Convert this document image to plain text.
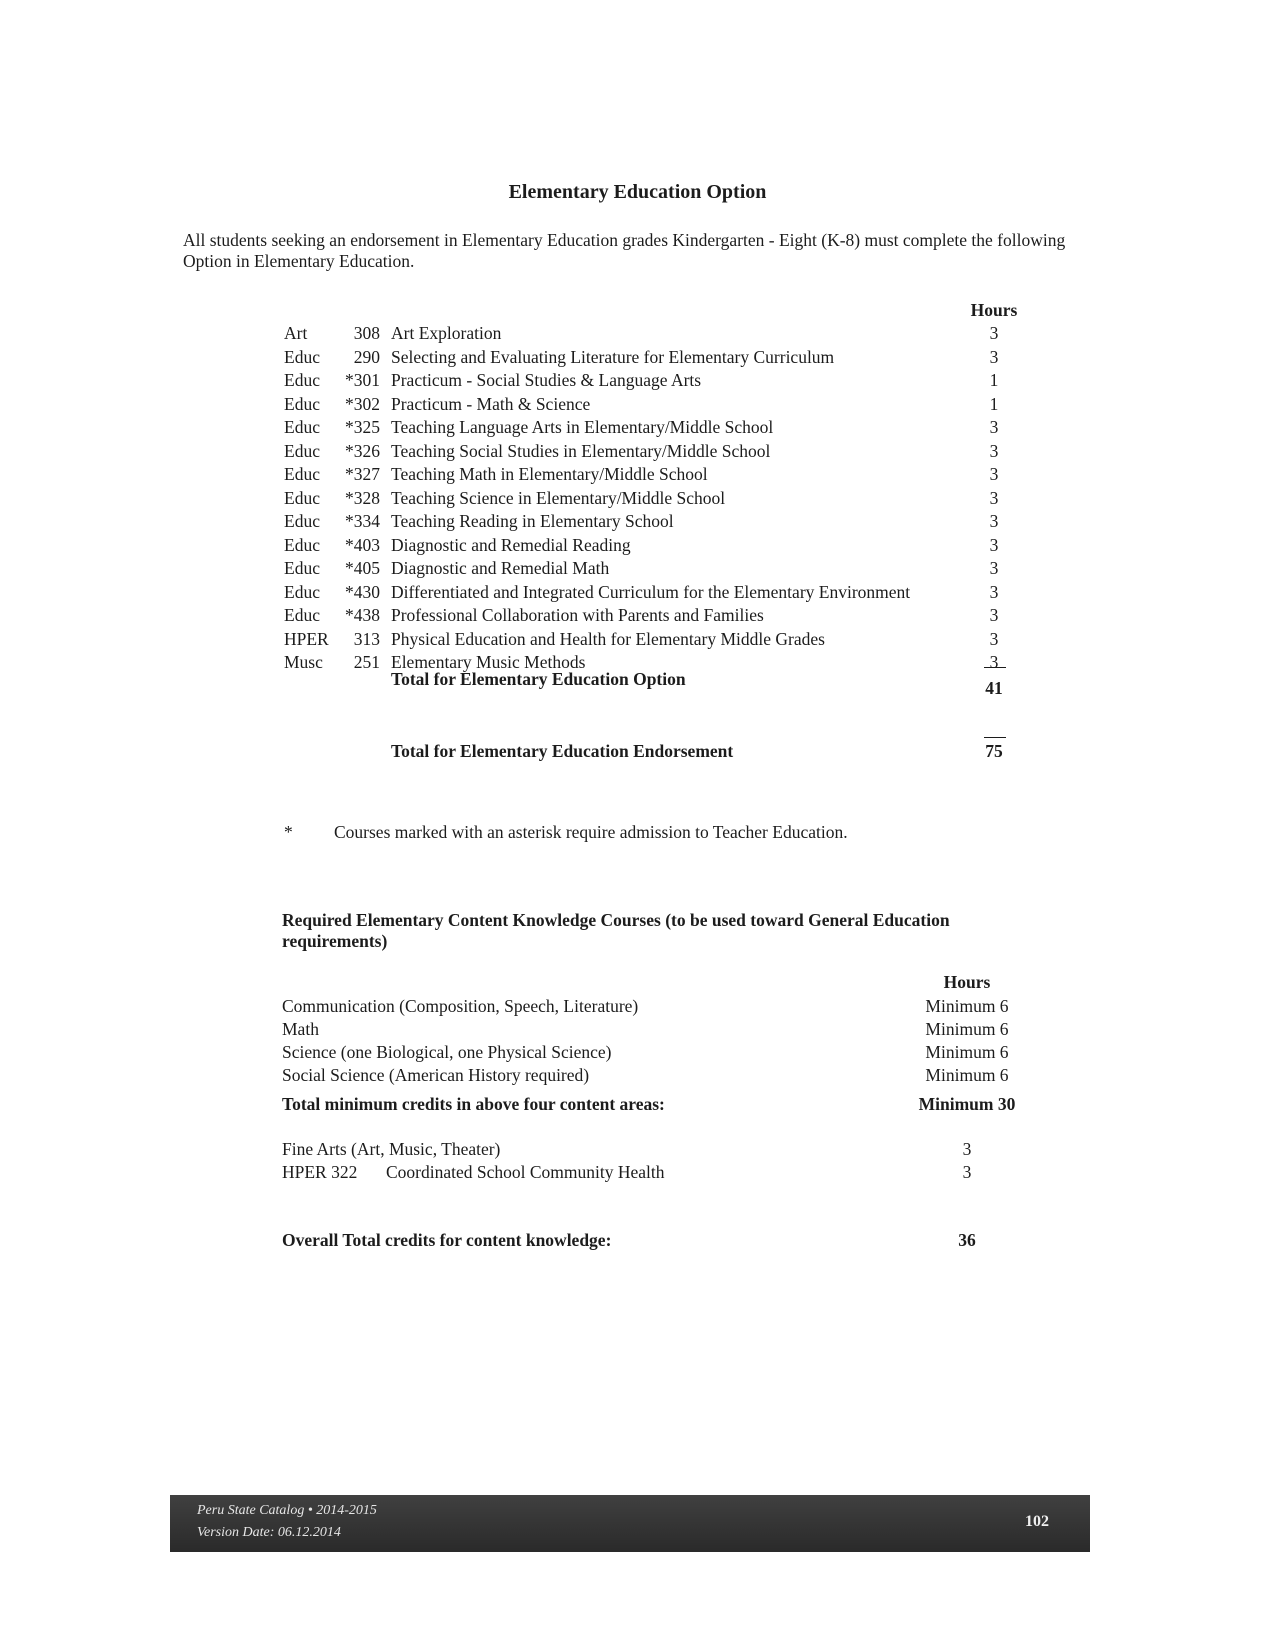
Elementary Education Option
All students seeking an endorsement in Elementary Education grades Kindergarten - Eight (K-8) must complete the following Option in Elementary Education.
Hours
Art	308 Art Exploration	3
Educ	290 Selecting and Evaluating Literature for Elementary Curriculum	3
Educ	*301 Practicum - Social Studies & Language Arts	1
Educ	*302 Practicum - Math & Science	1
Educ	*325 Teaching Language Arts in Elementary/Middle School	3
Educ	*326 Teaching Social Studies in Elementary/Middle School	3
Educ	*327 Teaching Math in Elementary/Middle School	3
Educ	*328 Teaching Science in Elementary/Middle School	3
Educ	*334 Teaching Reading in Elementary School	3
Educ	*403 Diagnostic and Remedial Reading	3
Educ	*405 Diagnostic and Remedial Math	3
Educ	*430 Differentiated and Integrated Curriculum for the Elementary Environment	3
Educ	*438 Professional Collaboration with Parents and Families	3
HPER	313 Physical Education and Health for Elementary Middle Grades	3
Musc	251 Elementary Music Methods	3
Total for Elementary Education Option	41
Total for Elementary Education Endorsement	75
* Courses marked with an asterisk require admission to Teacher Education.
Required Elementary Content Knowledge Courses (to be used toward General Education requirements)
Hours
Communication (Composition, Speech, Literature)	Minimum 6
Math	Minimum 6
Science (one Biological, one Physical Science)	Minimum 6
Social Science (American History required)	Minimum 6
Total minimum credits in above four content areas:	Minimum 30
Fine Arts (Art, Music, Theater)	3
HPER 322 Coordinated School Community Health	3
Overall Total credits for content knowledge:	36
Peru State Catalog • 2014-2015
Version Date: 06.12.2014
102
